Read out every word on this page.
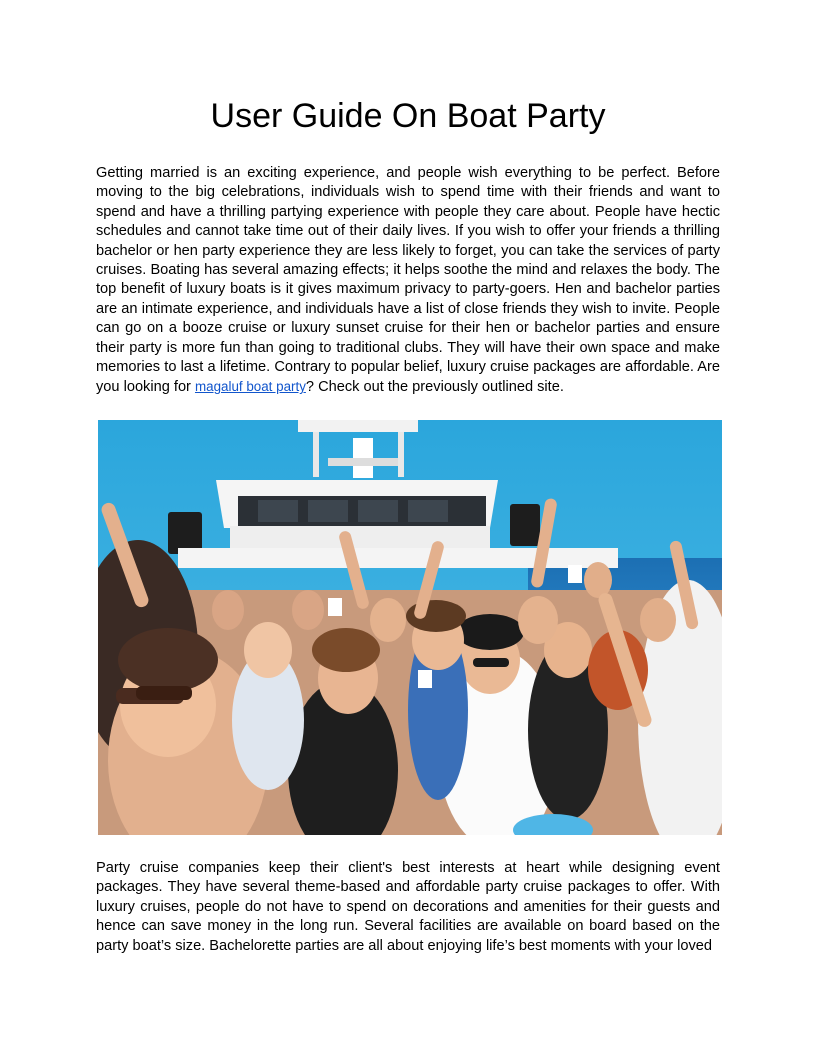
User Guide On Boat Party

Getting married is an exciting experience, and people wish everything to be perfect. Before moving to the big celebrations, individuals wish to spend time with their friends and want to spend and have a thrilling partying experience with people they care about. People have hectic schedules and cannot take time out of their daily lives. If you wish to offer your friends a thrilling bachelor or hen party experience they are less likely to forget, you can take the services of party cruises. Boating has several amazing effects; it helps soothe the mind and relaxes the body. The top benefit of luxury boats is it gives maximum privacy to party-goers. Hen and bachelor parties are an intimate experience, and individuals have a list of close friends they wish to invite. People can go on a booze cruise or luxury sunset cruise for their hen or bachelor parties and ensure their party is more fun than going to traditional clubs. They will have their own space and make memories to last a lifetime. Contrary to popular belief, luxury cruise packages are affordable. Are you looking for magaluf boat party? Check out the previously outlined site.

Party cruise companies keep their client's best interests at heart while designing event packages. They have several theme-based and affordable party cruise packages to offer. With luxury cruises, people do not have to spend on decorations and amenities for their guests and hence can save money in the long run. Several facilities are available on board based on the party boat’s size. Bachelorette parties are all about enjoying life’s best moments with your loved
